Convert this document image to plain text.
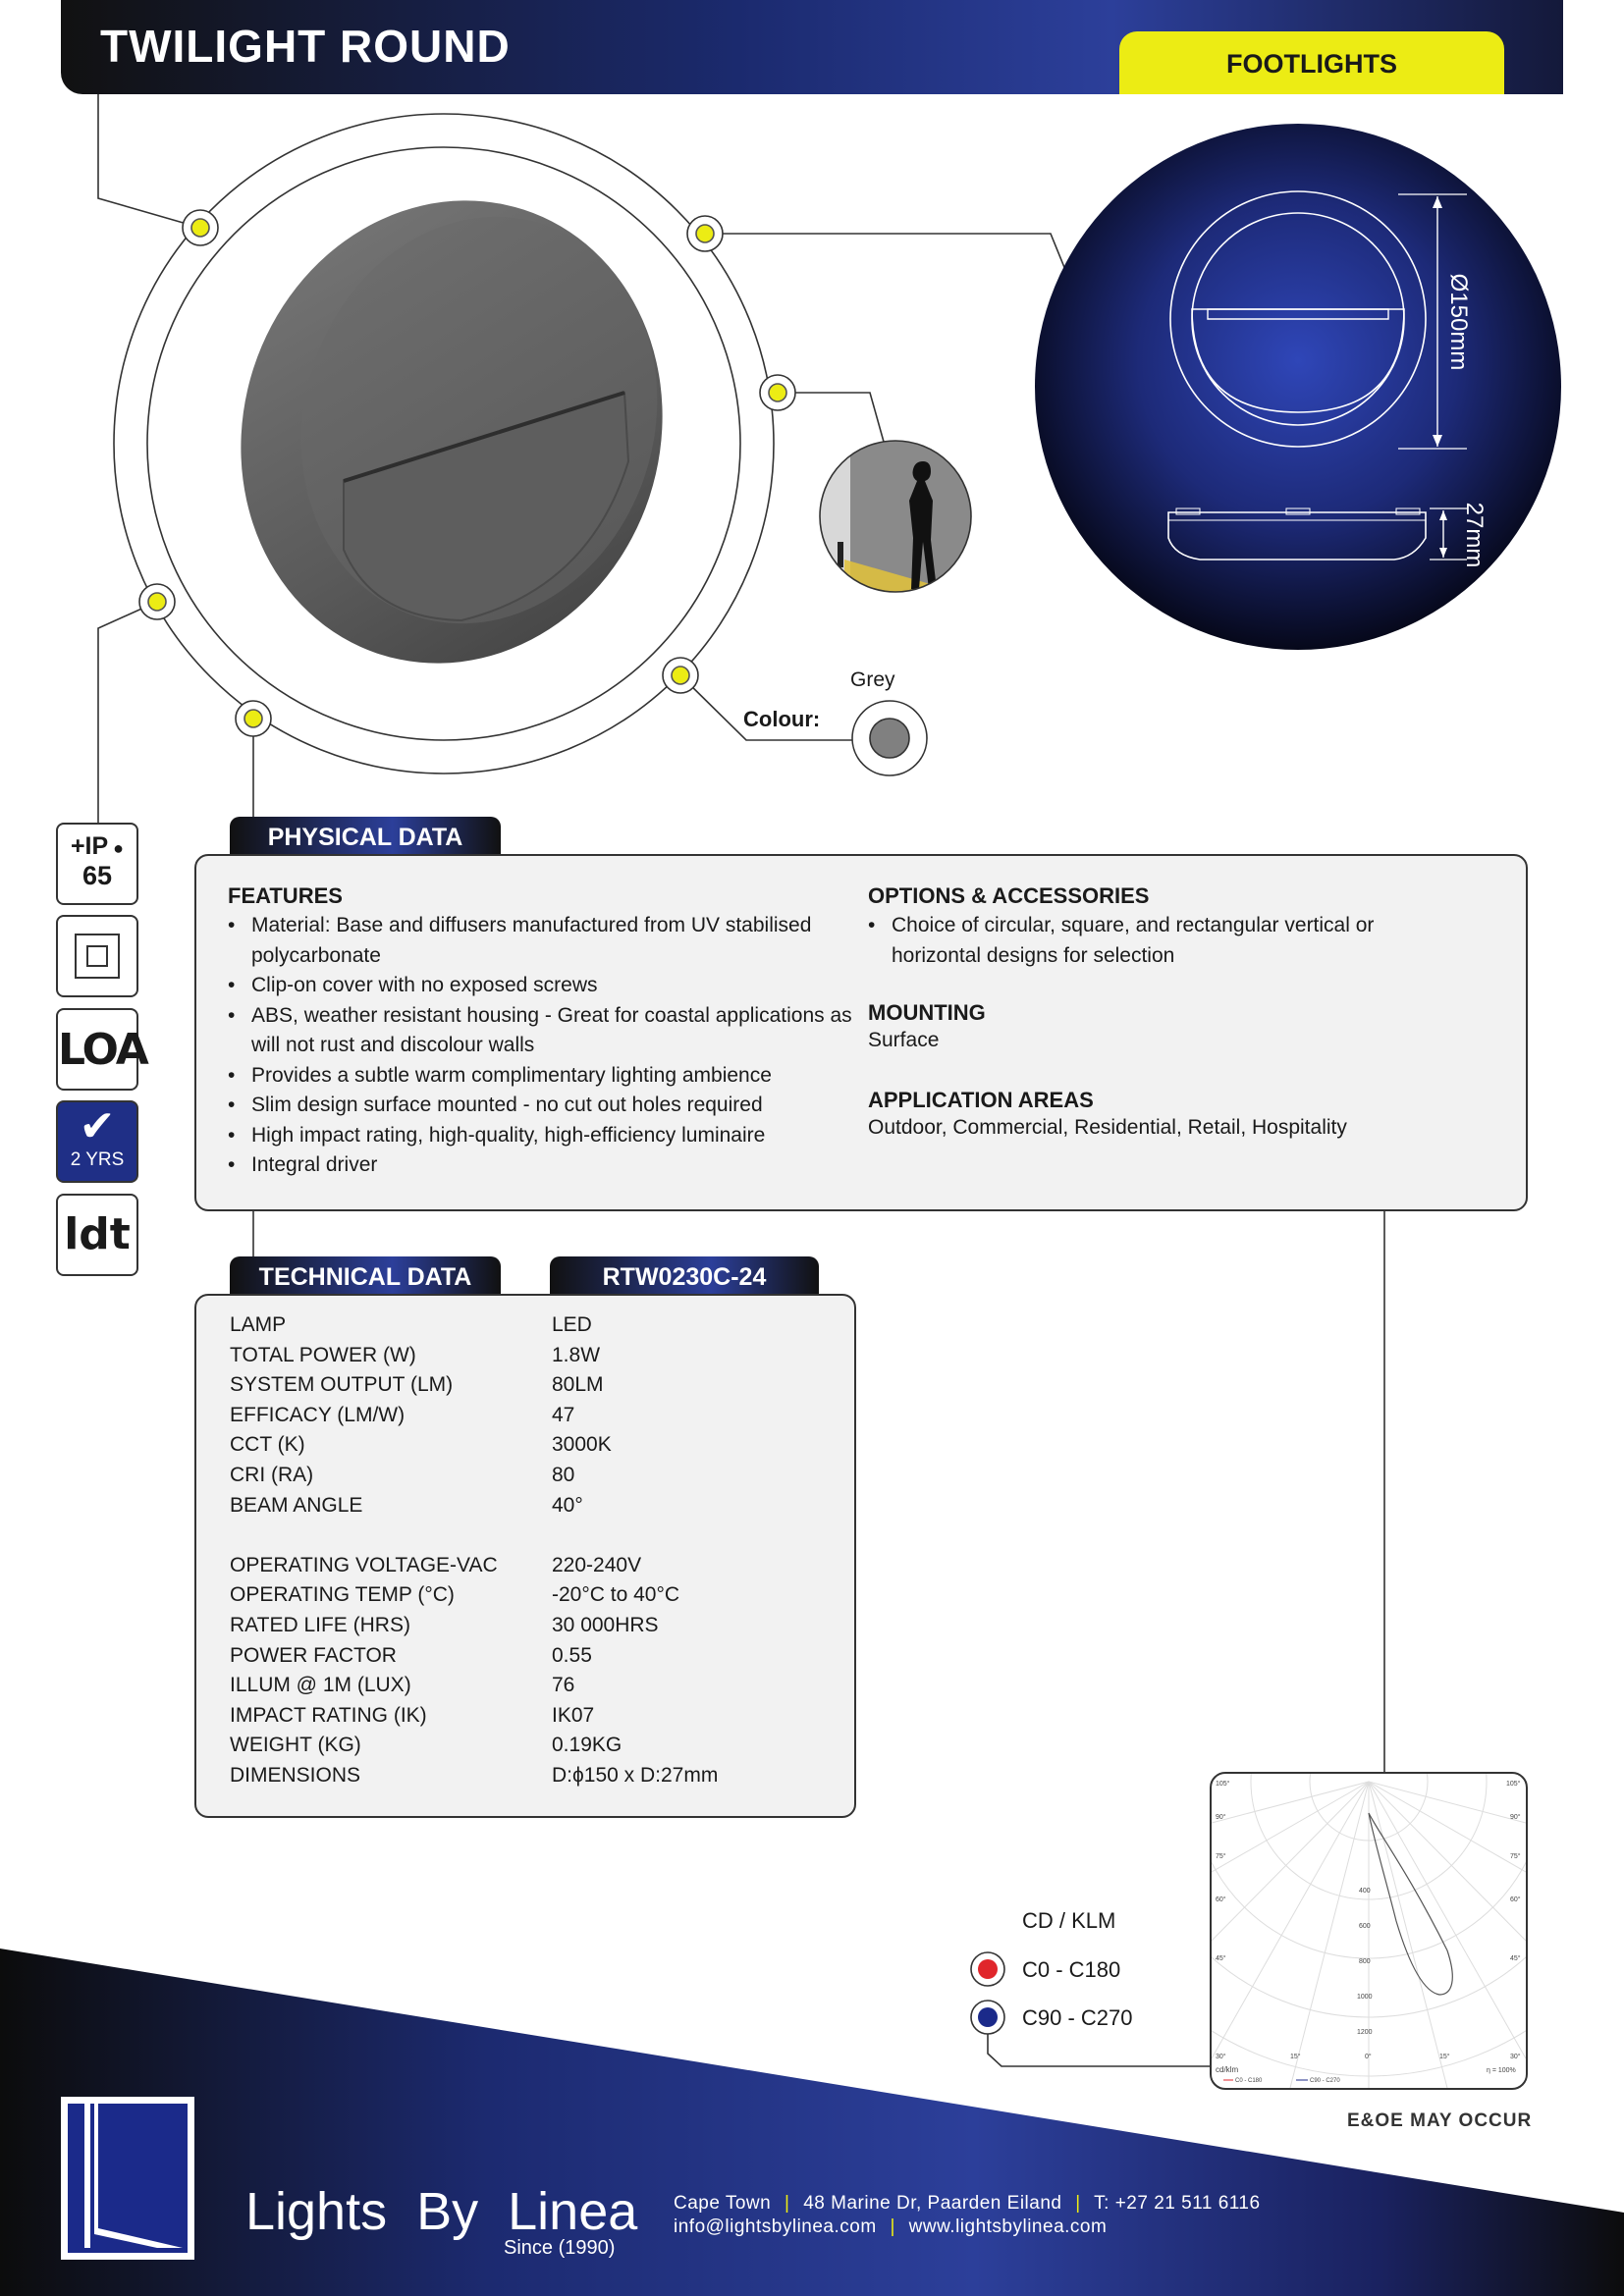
Ø150mm
27mm
TWILIGHT ROUND	FOOTLIGHTS
Colour:
Grey
+IP ●
65
LOA
✔
2 YRS
ldt
PHYSICAL DATA

FEATURES

• Material: Base and diffusers manufactured from UV stabilised polycarbonate
• Clip-on cover with no exposed screws
• ABS, weather resistant housing - Great for coastal applications as will not rust and discolour walls
• Provides a subtle warm complimentary lighting ambience
• Slim design surface mounted - no cut out holes required
• High impact rating, high-quality, high-efficiency luminaire
• Integral driver

OPTIONS & ACCESSORIES

• Choice of circular, square, and rectangular vertical or horizontal designs for selection

MOUNTING

Surface

APPLICATION AREAS

Outdoor, Commercial, Residential, Retail, Hospitality
TECHNICAL DATA	RTW0230C-24
LAMP	LED
TOTAL POWER (W)	1.8W
SYSTEM OUTPUT (LM)	80LM
EFFICACY (LM/W)	47
CCT (K)	3000K
CRI (RA)	80
BEAM ANGLE	40°
OPERATING VOLTAGE-VAC	220-240V
OPERATING TEMP (°C)	-20°C to 40°C
RATED LIFE (HRS)	30 000HRS
POWER FACTOR	0.55
ILLUM @ 1M (LUX)	76
IMPACT RATING (IK)	IK07
WEIGHT (KG)	0.19KG
DIMENSIONS	D:ϕ150 x D:27mm
CD / KLM
C0 - C180
C90 - C270
105°
90°
75°
60°
45°
30°
105°
90°
75°
60°
45°
30°
15°	0°	15°
400
600
800
1000
1200
cd/klm	η = 100%
C0 - C180	C90 - C270
E&OE MAY OCCUR
Lights  By  Linea
Since (1990)
Cape Town | 48 Marine Dr, Paarden Eiland | T: +27 21 511 6116
info@lightsbylinea.com | www.lightsbylinea.com
